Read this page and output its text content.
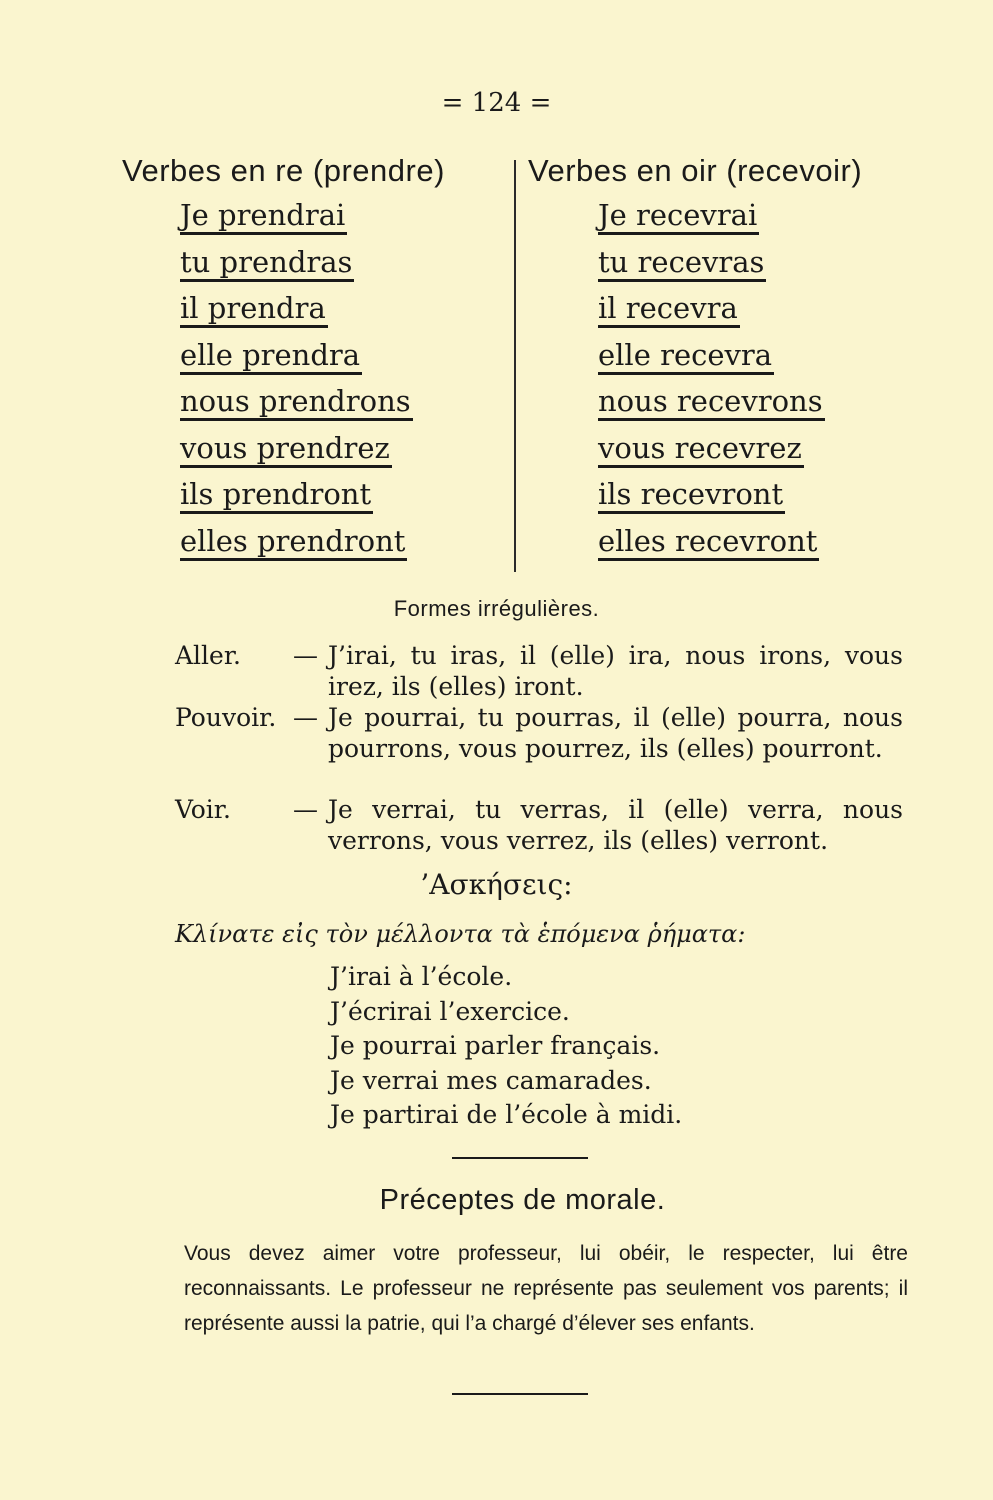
= 124 =
Verbes en re (prendre)	Verbes en oir (recevoir)
Je prendrai
tu prendras
il prendra
elle prendra
nous prendrons
vous prendrez
ils prendront
elles prendront
Je recevrai
tu recevras
il recevra
elle recevra
nous recevrons
vous recevrez
ils recevront
elles recevront
Formes irrégulières.
Aller. — J’irai, tu iras, il (elle) ira, nous irons, vous irez, ils (elles) iront.
Pouvoir. — Je pourrai, tu pourras, il (elle) pourra, nous pourrons, vous pourrez, ils (elles) pourront.
Voir. — Je verrai, tu verras, il (elle) verra, nous verrons, vous verrez, ils (elles) verront.
’Ασκήσεις:
Κλίνατε εἰς τὸν μέλλοντα τὰ ἑπόμενα ῥήματα:
J’irai à l’école.
J’écrirai l’exercice.
Je pourrai parler français.
Je verrai mes camarades.
Je partirai de l’école à midi.
Préceptes de morale.
Vous devez aimer votre professeur, lui obéir, le respecter, lui être reconnaissants. Le professeur ne représente pas seulement vos parents; il représente aussi la patrie, qui l’a chargé d’élever ses enfants.
